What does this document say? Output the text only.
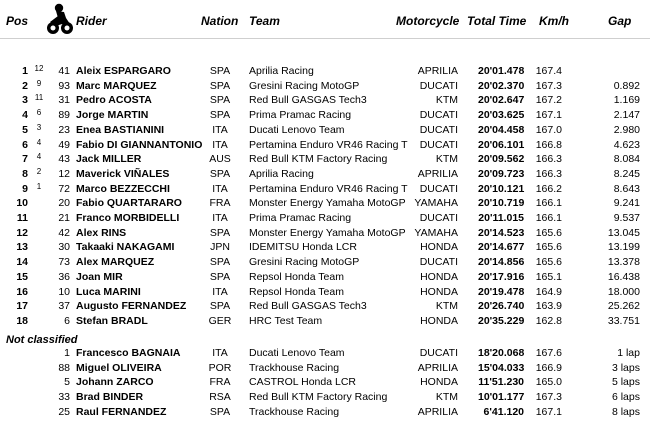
Pos	Rider	Nation Team	Motorcycle Total Time Km/h	Gap
1 12	41 Aleix ESPARGARO	SPA	Aprilia Racing	APRILIA 20'01.478	167.4
2	9	93 Marc MARQUEZ	SPA	Gresini Racing MotoGP	DUCATI 20'02.370	167.3	0.892
3 11	31 Pedro ACOSTA	SPA	Red Bull GASGAS Tech3	KTM 20'02.647	167.2	1.169
4	6	89 Jorge MARTIN	SPA	Prima Pramac Racing	DUCATI 20'03.625	167.1	2.147
5	3	23 Enea BASTIANINI	ITA	Ducati Lenovo Team	DUCATI 20'04.458	167.0	2.980
6	4	49 Fabio DI GIANNANTONIO ITA	Pertamina Enduro VR46 Racing T	DUCATI 20'06.101	166.8	4.623
7	4	43 Jack MILLER	AUS	Red Bull KTM Factory Racing	KTM 20'09.562	166.3	8.084
8	2	12 Maverick VIÑALES	SPA	Aprilia Racing	APRILIA 20'09.723	166.3	8.245
9	1	72 Marco BEZZECCHI	ITA	Pertamina Enduro VR46 Racing T	DUCATI 20'10.121	166.2	8.643
10	20 Fabio QUARTARARO	FRA	Monster Energy Yamaha MotoGP YAMAHA 20'10.719	166.1	9.241
11	21 Franco MORBIDELLI	ITA	Prima Pramac Racing	DUCATI 20'11.015	166.1	9.537
12	42 Alex RINS	SPA	Monster Energy Yamaha MotoGP YAMAHA 20'14.523	165.6	13.045
13	30 Takaaki NAKAGAMI	JPN	IDEMITSU Honda LCR	HONDA 20'14.677	165.6	13.199
14	73 Alex MARQUEZ	SPA	Gresini Racing MotoGP	DUCATI 20'14.856	165.6	13.378
15	36 Joan MIR	SPA	Repsol Honda Team	HONDA 20'17.916	165.1	16.438
16	10 Luca MARINI	ITA	Repsol Honda Team	HONDA 20'19.478	164.9	18.000
17	37 Augusto FERNANDEZ	SPA	Red Bull GASGAS Tech3	KTM 20'26.740	163.9	25.262
18	6 Stefan BRADL	GER	HRC Test Team	HONDA 20'35.229	162.8	33.751
Not classified
1 Francesco BAGNAIA	ITA	Ducati Lenovo Team	DUCATI 18'20.068	167.6	1 lap
88 Miguel OLIVEIRA	POR	Trackhouse Racing	APRILIA 15'04.033	166.9	3 laps
5 Johann ZARCO	FRA	CASTROL Honda LCR	HONDA 11'51.230	165.0	5 laps
33 Brad BINDER	RSA	Red Bull KTM Factory Racing	KTM 10'01.177	167.3	6 laps
25 Raul FERNANDEZ	SPA	Trackhouse Racing	APRILIA	6'41.120	167.1	8 laps
